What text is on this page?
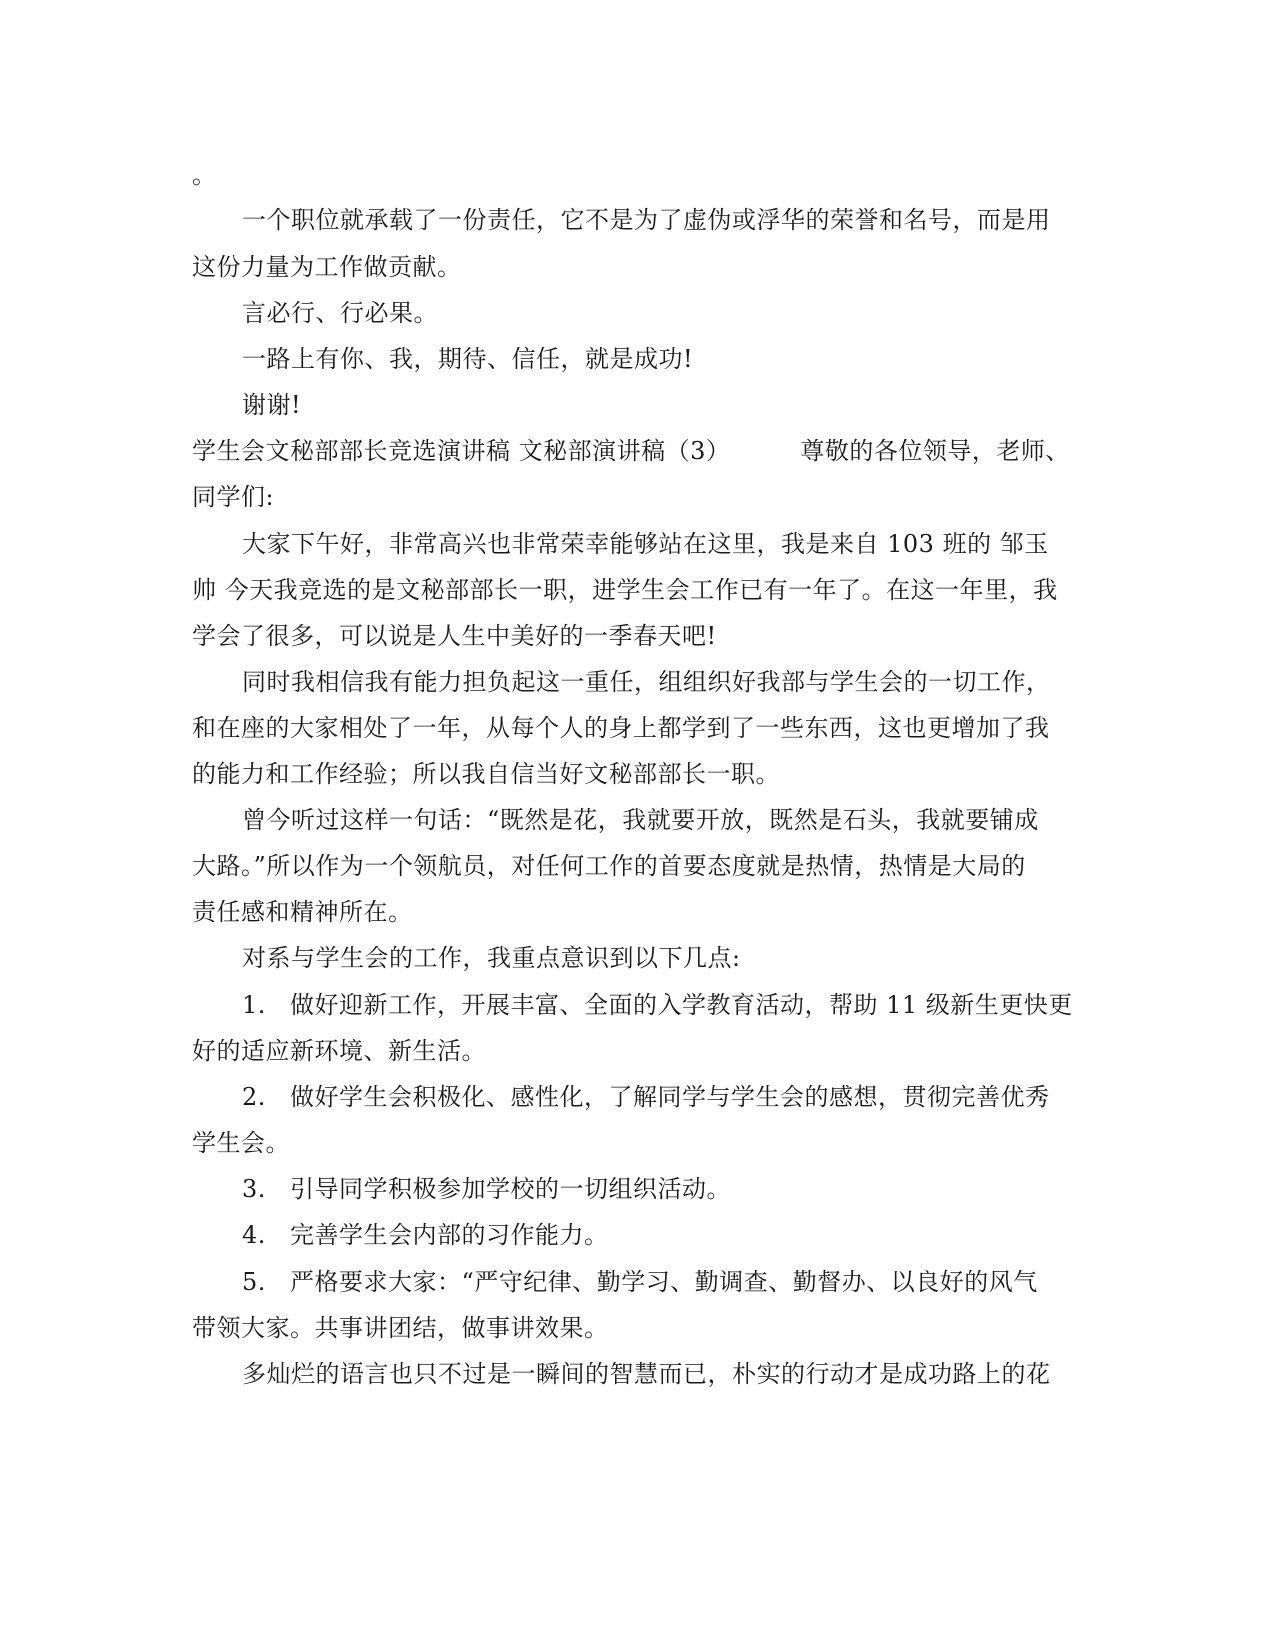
。
一个职位就承载了一份责任，它不是为了虚伪或浮华的荣誉和名号，而是用
这份力量为工作做贡献。
言必行、行必果。
一路上有你、我，期待、信任，就是成功!
谢谢!
学生会文秘部部长竞选演讲稿 文秘部演讲稿（3）	尊敬的各位领导，老师、
同学们:
大家下午好，非常高兴也非常荣幸能够站在这里，我是来自 103 班的 邹玉
帅 今天我竞选的是文秘部部长一职，进学生会工作已有一年了。在这一年里，我
学会了很多，可以说是人生中美好的一季春天吧!
同时我相信我有能力担负起这一重任，组组织好我部与学生会的一切工作，
和在座的大家相处了一年，从每个人的身上都学到了一些东西，这也更增加了我
的能力和工作经验；所以我自信当好文秘部部长一职。
曾今听过这样一句话：“既然是花，我就要开放，既然是石头，我就要铺成
大路。”所以作为一个领航员，对任何工作的首要态度就是热情，热情是大局的
责任感和精神所在。
对系与学生会的工作，我重点意识到以下几点:
1. 做好迎新工作，开展丰富、全面的入学教育活动，帮助 11 级新生更快更
好的适应新环境、新生活。
2. 做好学生会积极化、感性化，了解同学与学生会的感想，贯彻完善优秀
学生会。
3. 引导同学积极参加学校的一切组织活动。
4. 完善学生会内部的习作能力。
5. 严格要求大家：“严守纪律、勤学习、勤调查、勤督办、以良好的风气
带领大家。共事讲团结，做事讲效果。
多灿烂的语言也只不过是一瞬间的智慧而已，朴实的行动才是成功路上的花
